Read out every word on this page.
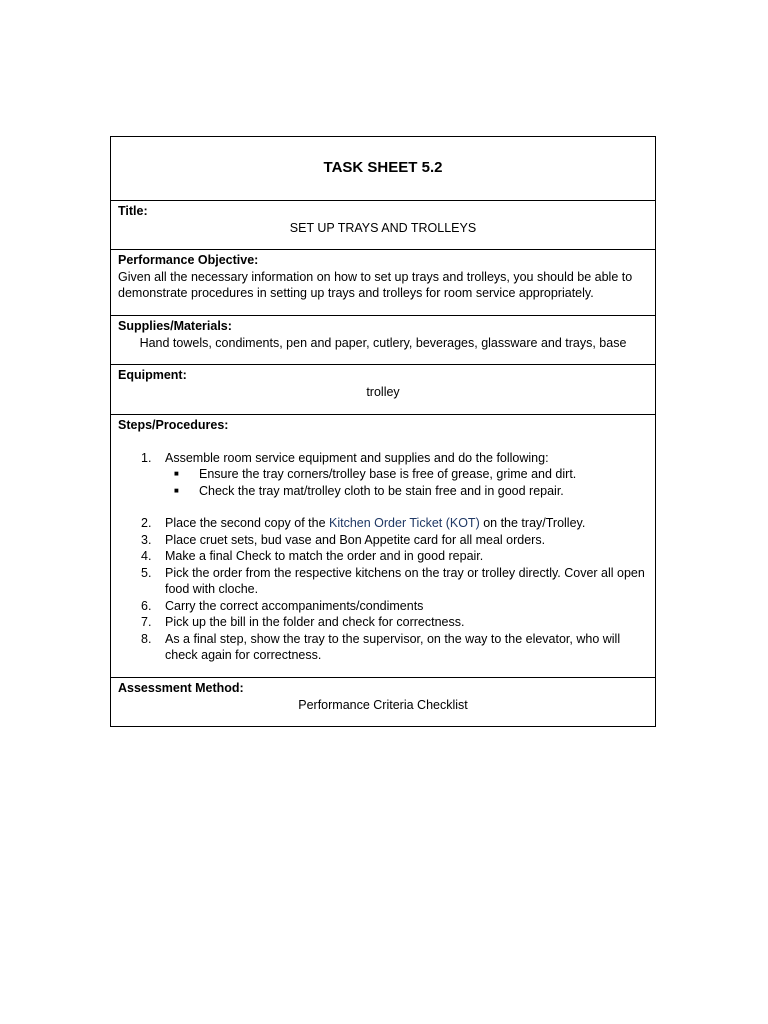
TASK SHEET 5.2
Title:
SET UP TRAYS AND TROLLEYS
Performance Objective:
Given all the necessary information on how to set up trays and trolleys, you should be able to demonstrate procedures in setting up trays and trolleys for room service appropriately.
Supplies/Materials:
Hand towels, condiments, pen and paper, cutlery, beverages, glassware and trays, base
Equipment:
trolley
Steps/Procedures:
1. Assemble room service equipment and supplies and do the following:
■ Ensure the tray corners/trolley base is free of grease, grime and dirt.
■ Check the tray mat/trolley cloth to be stain free and in good repair.
2. Place the second copy of the Kitchen Order Ticket (KOT) on the tray/Trolley.
3. Place cruet sets, bud vase and Bon Appetite card for all meal orders.
4. Make a final Check to match the order and in good repair.
5. Pick the order from the respective kitchens on the tray or trolley directly. Cover all open food with cloche.
6. Carry the correct accompaniments/condiments
7. Pick up the bill in the folder and check for correctness.
8. As a final step, show the tray to the supervisor, on the way to the elevator, who will check again for correctness.
Assessment Method:
Performance Criteria Checklist
